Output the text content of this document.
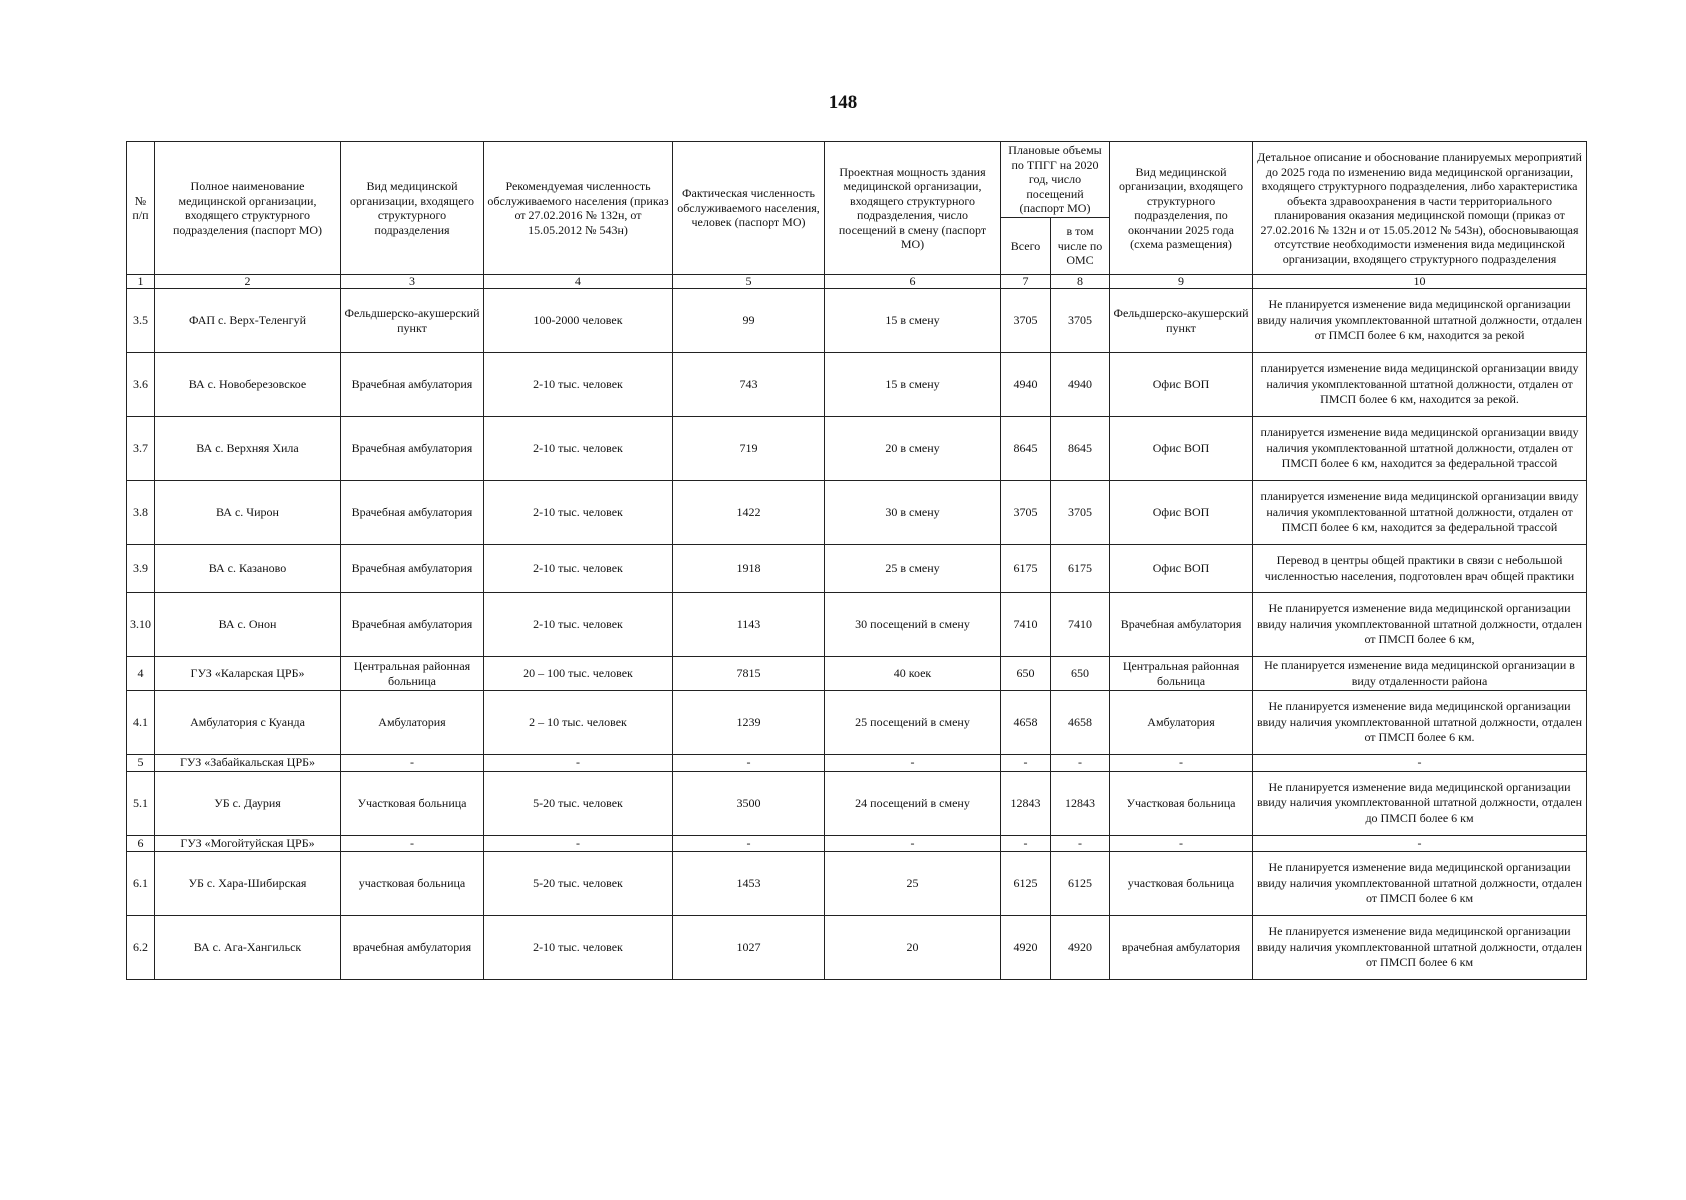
148
№ п/п	Полное наименование медицинской организации, входящего структурного подразделения (паспорт МО)	Вид медицинской организации, входящего структурного подразделения	Рекомендуемая численность обслуживаемого населения (приказ от 27.02.2016 № 132н, от 15.05.2012 № 543н)	Фактическая численность обслуживаемого населения, человек (паспорт МО)	Проектная мощность здания медицинской организации, входящего структурного подразделения, число посещений в смену (паспорт МО)	Плановые объемы по ТПГГ на 2020 год, число посещений (паспорт МО)		Вид медицинской организации, входящего структурного подразделения, по окончании 2025 года (схема размещения)	Детальное описание и обоснование планируемых мероприятий до 2025 года по изменению вида медицинской организации, входящего структурного подразделения, либо характеристика объекта здравоохранения в части территориального планирования оказания медицинской помощи (приказ от 27.02.2016 № 132н и от 15.05.2012 № 543н), обосновывающая отсутствие необходимости изменения вида медицинской организации, входящего структурного подразделения
						Всего	в том числе по ОМС		
1	2	3	4	5	6	7	8	9	10
3.5	ФАП с. Верх-Теленгуй	Фельдшерско-акушерский пункт	100-2000 человек	99	15 в смену	3705	3705	Фельдшерско-акушерский пункт	Не планируется изменение вида медицинской организации ввиду наличия укомплектованной штатной должности, отдален от ПМСП более 6 км, находится за рекой
3.6	ВА с. Новоберезовское	Врачебная амбулатория	2-10 тыс. человек	743	15 в смену	4940	4940	Офис ВОП	планируется изменение вида медицинской организации ввиду наличия укомплектованной штатной должности, отдален от ПМСП более 6 км, находится за рекой.
3.7	ВА с. Верхняя Хила	Врачебная амбулатория	2-10 тыс. человек	719	20 в смену	8645	8645	Офис ВОП	планируется изменение вида медицинской организации ввиду наличия укомплектованной штатной должности, отдален от ПМСП более 6 км, находится за федеральной трассой
3.8	ВА с. Чирон	Врачебная амбулатория	2-10 тыс. человек	1422	30 в смену	3705	3705	Офис ВОП	планируется изменение вида медицинской организации ввиду наличия укомплектованной штатной должности, отдален от ПМСП более 6 км, находится за федеральной трассой
3.9	ВА с. Казаново	Врачебная амбулатория	2-10 тыс. человек	1918	25 в смену	6175	6175	Офис ВОП	Перевод в центры общей практики в связи с небольшой численностью населения, подготовлен врач общей практики
3.10	ВА с. Онон	Врачебная амбулатория	2-10 тыс. человек	1143	30 посещений в смену	7410	7410	Врачебная амбулатория	Не планируется изменение вида медицинской организации ввиду наличия укомплектованной штатной должности, отдален от ПМСП более 6 км,
4	ГУЗ «Каларская ЦРБ»	Центральная районная больница	20 – 100 тыс. человек	7815	40 коек	650	650	Центральная районная больница	Не планируется изменение вида медицинской организации в виду отдаленности района
4.1	Амбулатория с Куанда	Амбулатория	2 – 10 тыс. человек	1239	25 посещений в смену	4658	4658	Амбулатория	Не планируется изменение вида медицинской организации ввиду наличия укомплектованной штатной должности, отдален от ПМСП более 6 км.
5	ГУЗ «Забайкальская ЦРБ»	-	-	-	-	-	-	-	-
5.1	УБ с. Даурия	Участковая больница	5-20 тыс. человек	3500	24 посещений в смену	12843	12843	Участковая больница	Не планируется изменение вида медицинской организации ввиду наличия укомплектованной штатной должности, отдален до ПМСП более 6 км
6	ГУЗ «Могойтуйская ЦРБ»	-	-	-	-	-	-	-	-
6.1	УБ с. Хара-Шибирская	участковая больница	5-20 тыс. человек	1453	25	6125	6125	участковая больница	Не планируется изменение вида медицинской организации ввиду наличия укомплектованной штатной должности, отдален от ПМСП более 6 км
6.2	ВА с. Ага-Хангильск	врачебная амбулатория	2-10 тыс. человек	1027	20	4920	4920	врачебная амбулатория	Не планируется изменение вида медицинской организации ввиду наличия укомплектованной штатной должности, отдален от ПМСП более 6 км
